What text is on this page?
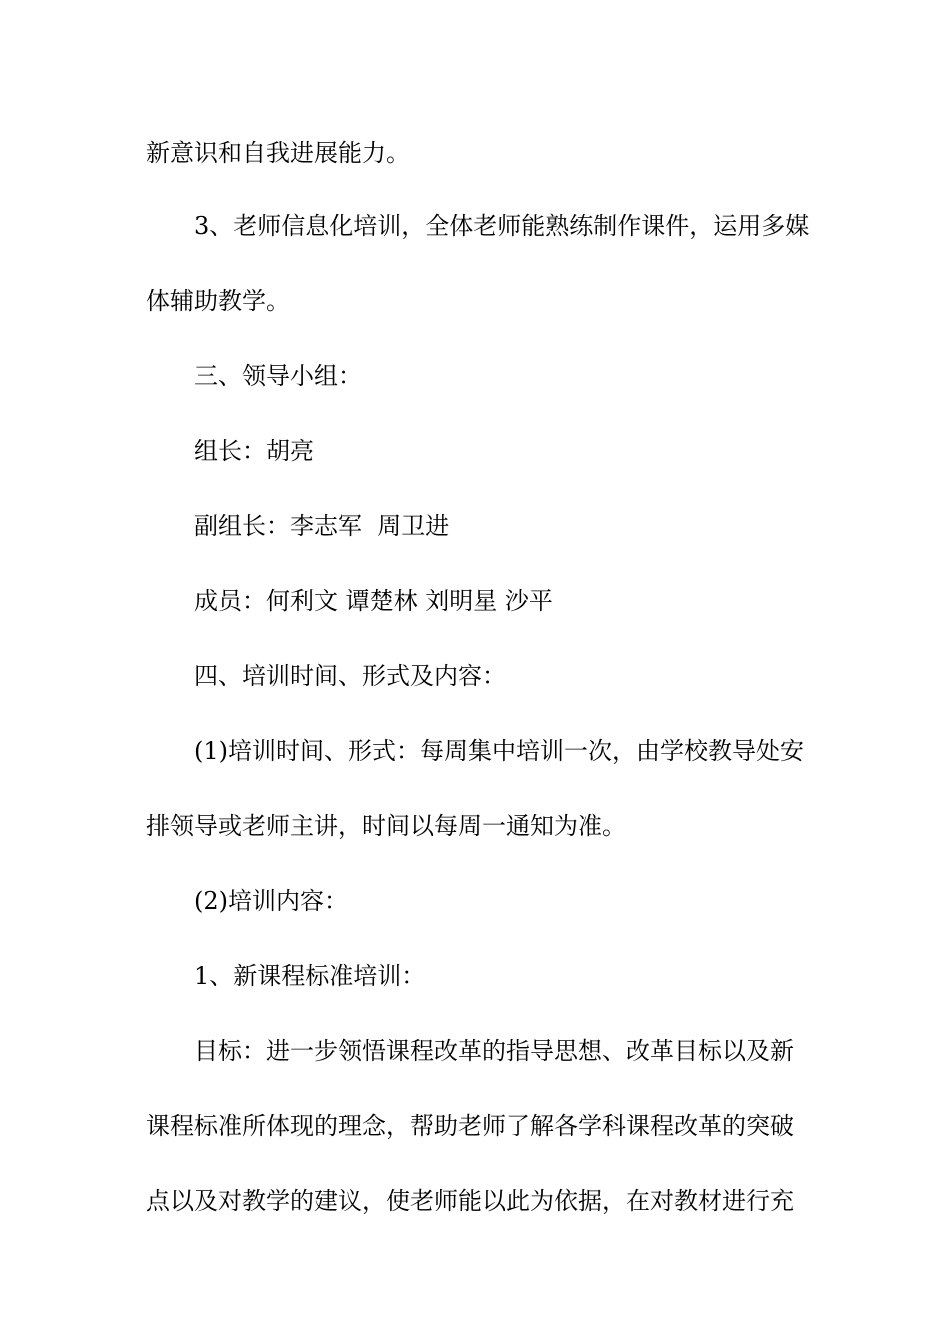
新意识和自我进展能力。
3、老师信息化培训，全体老师能熟练制作课件，运用多媒
体辅助教学。
三、领导小组：
组长：胡亮
副组长：李志军  周卫进
成员：何利文 谭楚林 刘明星 沙平
四、培训时间、形式及内容：
(1)培训时间、形式：每周集中培训一次，由学校教导处安
排领导或老师主讲，时间以每周一通知为准。
(2)培训内容：
1、新课程标准培训：
目标：进一步领悟课程改革的指导思想、改革目标以及新
课程标准所体现的理念，帮助老师了解各学科课程改革的突破
点以及对教学的建议，使老师能以此为依据，在对教材进行充
